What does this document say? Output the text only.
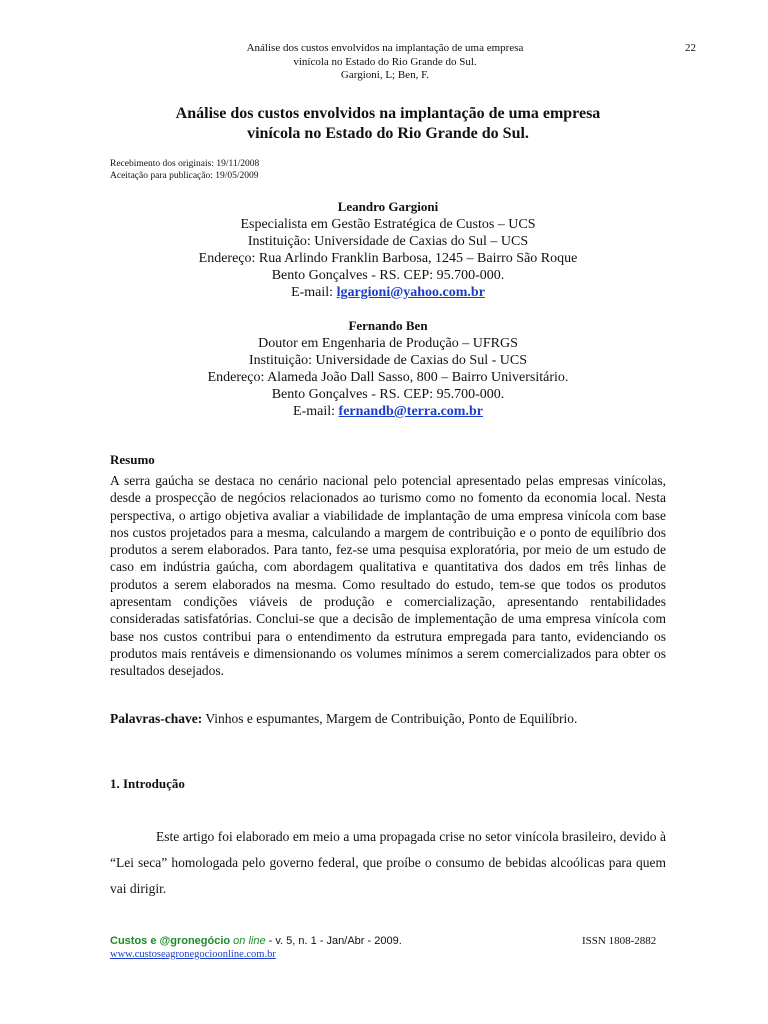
Análise dos custos envolvidos na implantação de uma empresa
vinícola no Estado do Rio Grande do Sul.
Gargioni, L; Ben, F.
22
Análise dos custos envolvidos na implantação de uma empresa
vinícola no Estado do Rio Grande do Sul.
Recebimento dos originais: 19/11/2008
Aceitação para publicação: 19/05/2009
Leandro Gargioni
Especialista em Gestão Estratégica de Custos – UCS
Instituição: Universidade de Caxias do Sul – UCS
Endereço: Rua Arlindo Franklin Barbosa, 1245 – Bairro São Roque
Bento Gonçalves - RS. CEP: 95.700-000.
E-mail: lgargioni@yahoo.com.br
Fernando Ben
Doutor em Engenharia de Produção – UFRGS
Instituição: Universidade de Caxias do Sul - UCS
Endereço: Alameda João Dall Sasso, 800 – Bairro Universitário.
Bento Gonçalves - RS. CEP: 95.700-000.
E-mail: fernandb@terra.com.br
Resumo
A serra gaúcha se destaca no cenário nacional pelo potencial apresentado pelas empresas vinícolas, desde a prospecção de negócios relacionados ao turismo como no fomento da economia local. Nesta perspectiva, o artigo objetiva avaliar a viabilidade de implantação de uma empresa vinícola com base nos custos projetados para a mesma, calculando a margem de contribuição e o ponto de equilíbrio dos produtos a serem elaborados. Para tanto, fez-se uma pesquisa exploratória, por meio de um estudo de caso em indústria gaúcha, com abordagem qualitativa e quantitativa dos dados em três linhas de produtos a serem elaborados na mesma. Como resultado do estudo, tem-se que todos os produtos apresentam condições viáveis de produção e comercialização, apresentando rentabilidades consideradas satisfatórias. Conclui-se que a decisão de implementação de uma empresa vinícola com base nos custos contribui para o entendimento da estrutura empregada para tanto, evidenciando os produtos mais rentáveis e dimensionando os volumes mínimos a serem comercializados para obter os resultados desejados.
Palavras-chave: Vinhos e espumantes, Margem de Contribuição, Ponto de Equilíbrio.
1. Introdução
Este artigo foi elaborado em meio a uma propagada crise no setor vinícola brasileiro, devido à “Lei seca” homologada pelo governo federal, que proíbe o consumo de bebidas alcoólicas para quem vai dirigir.
Custos e @gronegócio on line - v. 5, n. 1 - Jan/Abr - 2009.	ISSN 1808-2882
www.custoseagronegocioonline.com.br
